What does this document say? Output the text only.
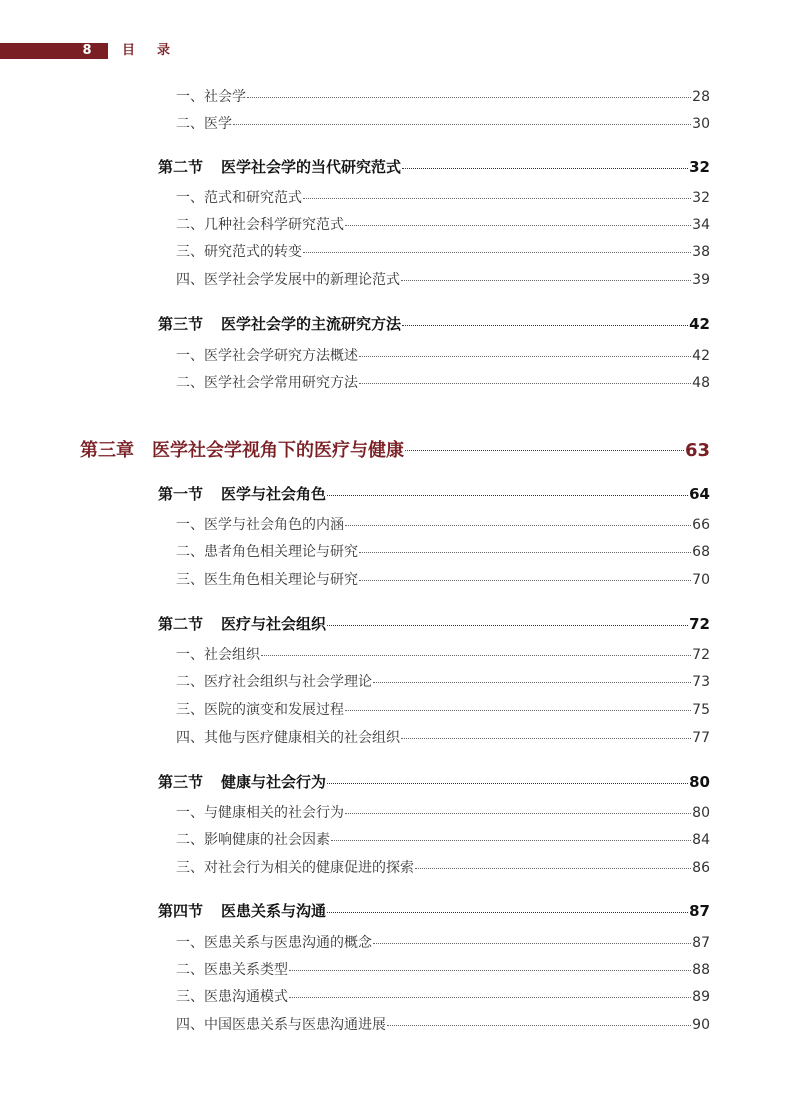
8	目录
一、社会学	28
二、医学	30
第二节 医学社会学的当代研究范式	32
一、范式和研究范式	32
二、几种社会科学研究范式	34
三、研究范式的转变	38
四、医学社会学发展中的新理论范式	39
第三节 医学社会学的主流研究方法	42
一、医学社会学研究方法概述	42
二、医学社会学常用研究方法	48
第三章 医学社会学视角下的医疗与健康	63
第一节 医学与社会角色	64
一、医学与社会角色的内涵	66
二、患者角色相关理论与研究	68
三、医生角色相关理论与研究	70
第二节 医疗与社会组织	72
一、社会组织	72
二、医疗社会组织与社会学理论	73
三、医院的演变和发展过程	75
四、其他与医疗健康相关的社会组织	77
第三节 健康与社会行为	80
一、与健康相关的社会行为	80
二、影响健康的社会因素	84
三、对社会行为相关的健康促进的探索	86
第四节 医患关系与沟通	87
一、医患关系与医患沟通的概念	87
二、医患关系类型	88
三、医患沟通模式	89
四、中国医患关系与医患沟通进展	90
